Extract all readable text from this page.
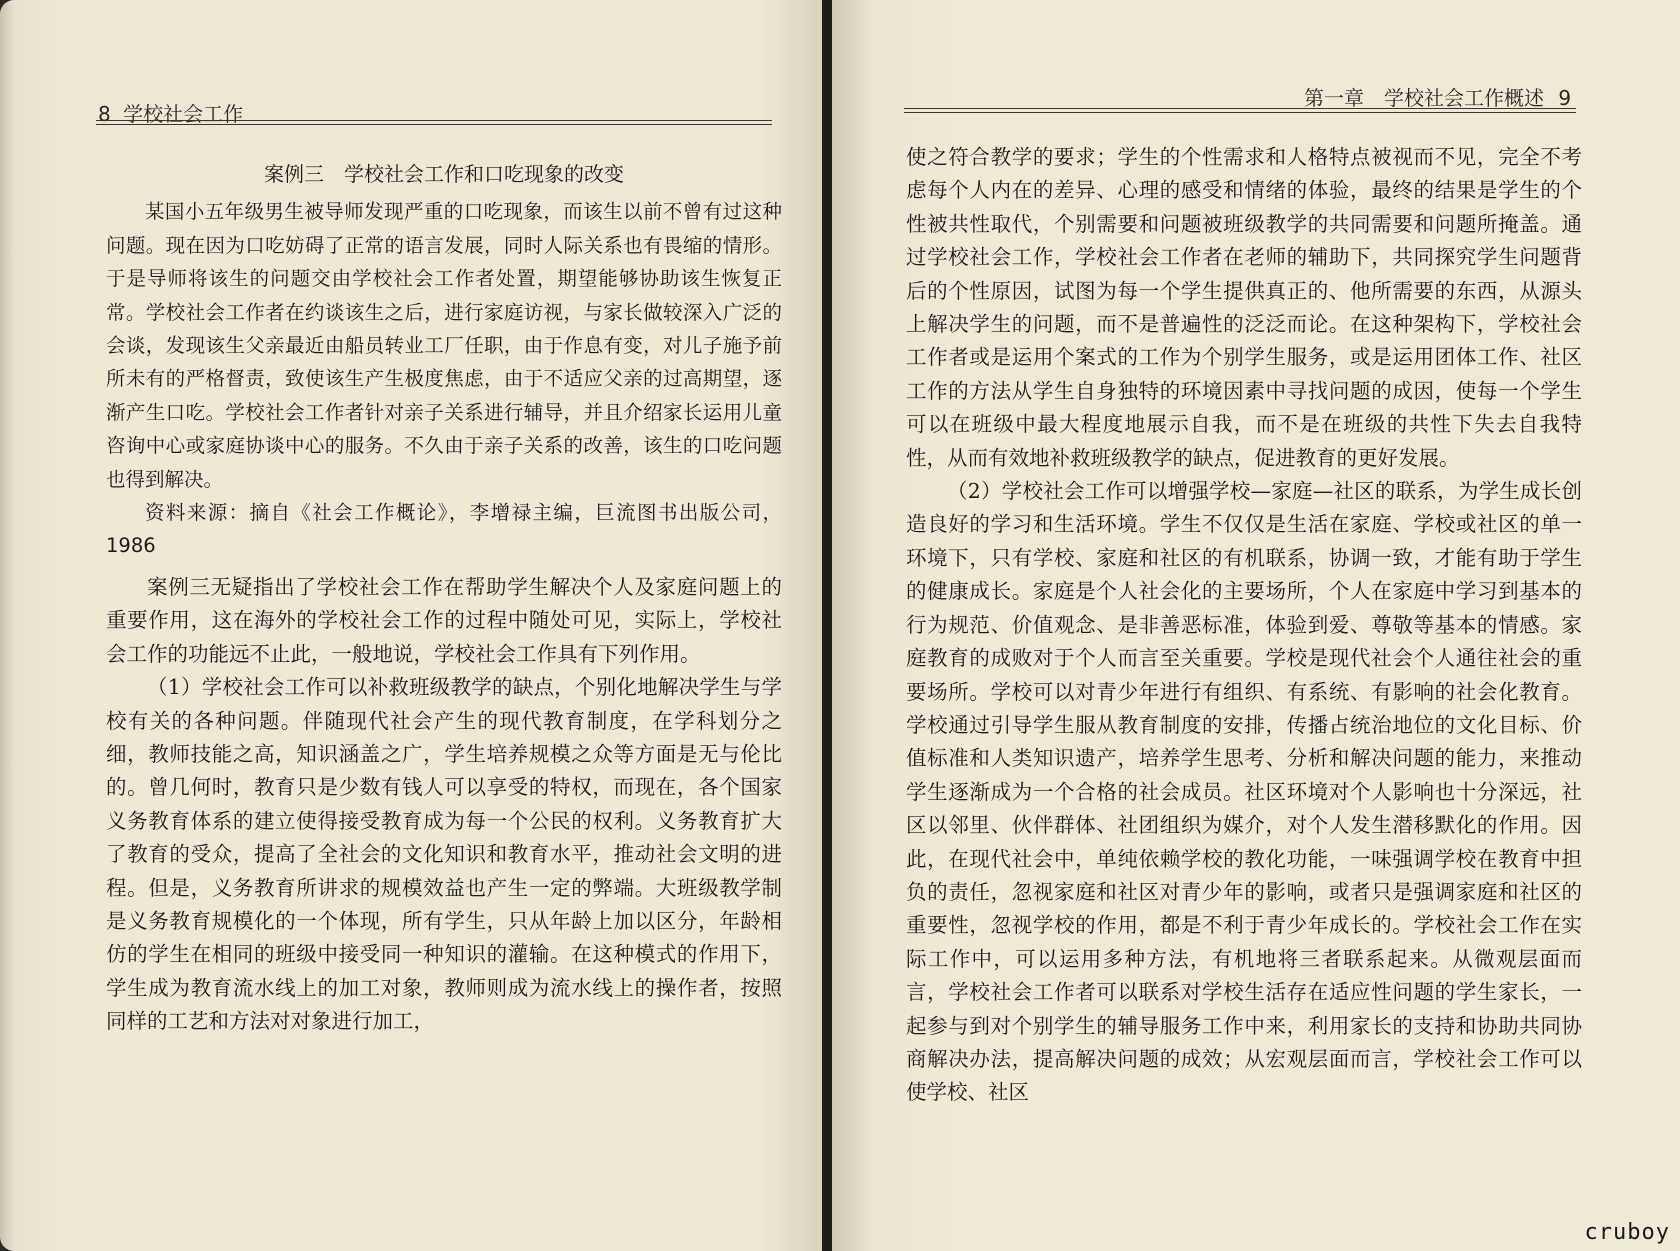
8 学校社会工作

案例三　学校社会工作和口吃现象的改变

某国小五年级男生被导师发现严重的口吃现象，而该生以前不曾有过这种问题。现在因为口吃妨碍了正常的语言发展，同时人际关系也有畏缩的情形。于是导师将该生的问题交由学校社会工作者处置，期望能够协助该生恢复正常。学校社会工作者在约谈该生之后，进行家庭访视，与家长做较深入广泛的会谈，发现该生父亲最近由船员转业工厂任职，由于作息有变，对儿子施予前所未有的严格督责，致使该生产生极度焦虑，由于不适应父亲的过高期望，逐渐产生口吃。学校社会工作者针对亲子关系进行辅导，并且介绍家长运用儿童咨询中心或家庭协谈中心的服务。不久由于亲子关系的改善，该生的口吃问题也得到解决。

资料来源：摘自《社会工作概论》，李增禄主编，巨流图书出版公司，1986

案例三无疑指出了学校社会工作在帮助学生解决个人及家庭问题上的重要作用，这在海外的学校社会工作的过程中随处可见，实际上，学校社会工作的功能远不止此，一般地说，学校社会工作具有下列作用。

（1）学校社会工作可以补救班级教学的缺点，个别化地解决学生与学校有关的各种问题。伴随现代社会产生的现代教育制度，在学科划分之细，教师技能之高，知识涵盖之广，学生培养规模之众等方面是无与伦比的。曾几何时，教育只是少数有钱人可以享受的特权，而现在，各个国家义务教育体系的建立使得接受教育成为每一个公民的权利。义务教育扩大了教育的受众，提高了全社会的文化知识和教育水平，推动社会文明的进程。但是，义务教育所讲求的规模效益也产生一定的弊端。大班级教学制是义务教育规模化的一个体现，所有学生，只从年龄上加以区分，年龄相仿的学生在相同的班级中接受同一种知识的灌输。在这种模式的作用下，学生成为教育流水线上的加工对象，教师则成为流水线上的操作者，按照同样的工艺和方法对对象进行加工，

第一章　学校社会工作概述 9

使之符合教学的要求；学生的个性需求和人格特点被视而不见，完全不考虑每个人内在的差异、心理的感受和情绪的体验，最终的结果是学生的个性被共性取代，个别需要和问题被班级教学的共同需要和问题所掩盖。通过学校社会工作，学校社会工作者在老师的辅助下，共同探究学生问题背后的个性原因，试图为每一个学生提供真正的、他所需要的东西，从源头上解决学生的问题，而不是普遍性的泛泛而论。在这种架构下，学校社会工作者或是运用个案式的工作为个别学生服务，或是运用团体工作、社区工作的方法从学生自身独特的环境因素中寻找问题的成因，使每一个学生可以在班级中最大程度地展示自我，而不是在班级的共性下失去自我特性，从而有效地补救班级教学的缺点，促进教育的更好发展。

（2）学校社会工作可以增强学校—家庭—社区的联系，为学生成长创造良好的学习和生活环境。学生不仅仅是生活在家庭、学校或社区的单一环境下，只有学校、家庭和社区的有机联系，协调一致，才能有助于学生的健康成长。家庭是个人社会化的主要场所，个人在家庭中学习到基本的行为规范、价值观念、是非善恶标准，体验到爱、尊敬等基本的情感。家庭教育的成败对于个人而言至关重要。学校是现代社会个人通往社会的重要场所。学校可以对青少年进行有组织、有系统、有影响的社会化教育。学校通过引导学生服从教育制度的安排，传播占统治地位的文化目标、价值标准和人类知识遗产，培养学生思考、分析和解决问题的能力，来推动学生逐渐成为一个合格的社会成员。社区环境对个人影响也十分深远，社区以邻里、伙伴群体、社团组织为媒介，对个人发生潜移默化的作用。因此，在现代社会中，单纯依赖学校的教化功能，一味强调学校在教育中担负的责任，忽视家庭和社区对青少年的影响，或者只是强调家庭和社区的重要性，忽视学校的作用，都是不利于青少年成长的。学校社会工作在实际工作中，可以运用多种方法，有机地将三者联系起来。从微观层面而言，学校社会工作者可以联系对学校生活存在适应性问题的学生家长，一起参与到对个别学生的辅导服务工作中来，利用家长的支持和协助共同协商解决办法，提高解决问题的成效；从宏观层面而言，学校社会工作可以使学校、社区

cruboy
